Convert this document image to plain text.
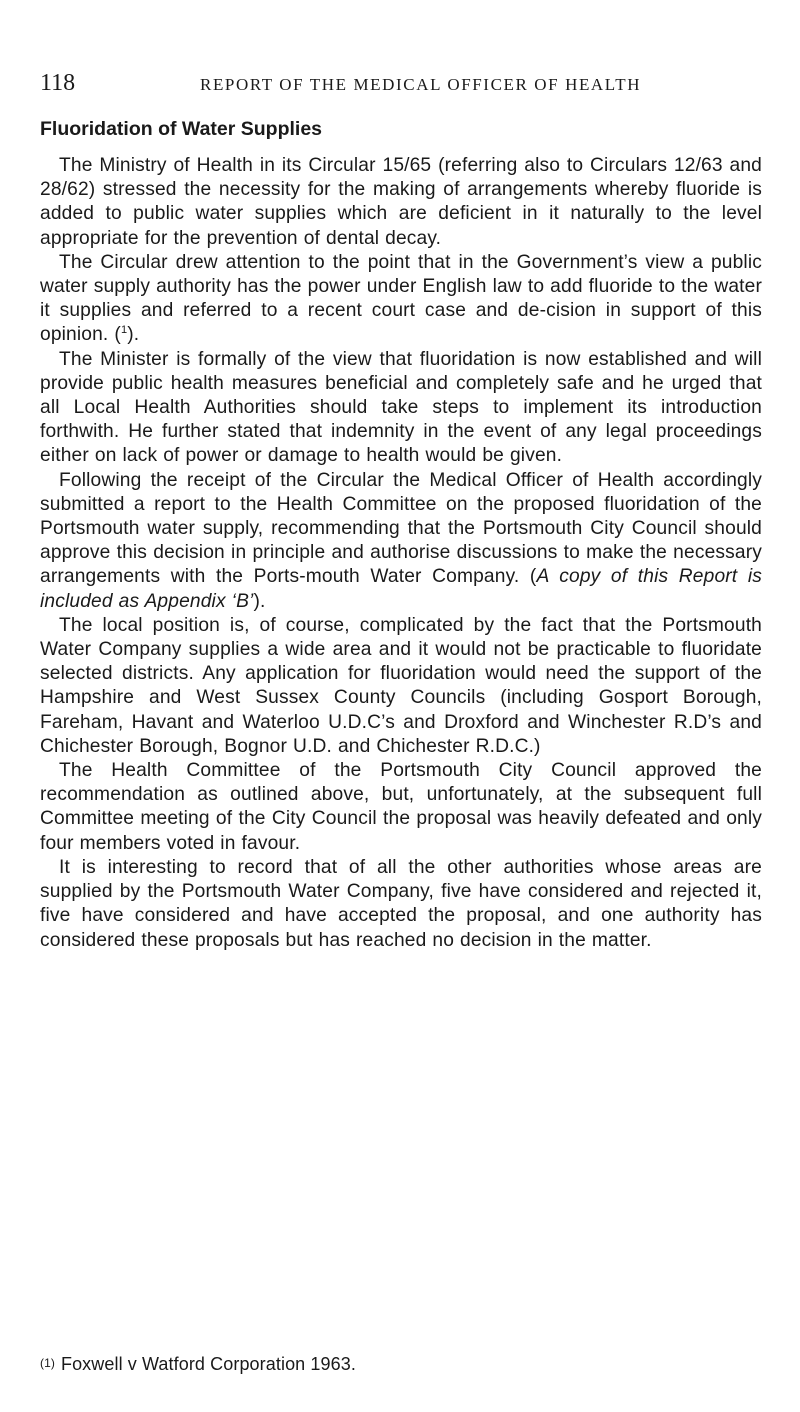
118	REPORT OF THE MEDICAL OFFICER OF HEALTH
Fluoridation of Water Supplies

The Ministry of Health in its Circular 15/65 (referring also to Circulars 12/63 and 28/62) stressed the necessity for the making of arrangements whereby fluoride is added to public water supplies which are deficient in it naturally to the level appropriate for the prevention of dental decay.

The Circular drew attention to the point that in the Government’s view a public water supply authority has the power under English law to add fluoride to the water it supplies and referred to a recent court case and de-cision in support of this opinion. ($^1$).

The Minister is formally of the view that fluoridation is now established and will provide public health measures beneficial and completely safe and he urged that all Local Health Authorities should take steps to implement its introduction forthwith. He further stated that indemnity in the event of any legal proceedings either on lack of power or damage to health would be given.

Following the receipt of the Circular the Medical Officer of Health accordingly submitted a report to the Health Committee on the proposed fluoridation of the Portsmouth water supply, recommending that the Portsmouth City Council should approve this decision in principle and authorise discussions to make the necessary arrangements with the Ports-mouth Water Company. (A copy of this Report is included as Appendix ‘B’).

The local position is, of course, complicated by the fact that the Portsmouth Water Company supplies a wide area and it would not be practicable to fluoridate selected districts. Any application for fluoridation would need the support of the Hampshire and West Sussex County Councils (including Gosport Borough, Fareham, Havant and Waterloo U.D.C’s and Droxford and Winchester R.D’s and Chichester Borough, Bognor U.D. and Chichester R.D.C.)

The Health Committee of the Portsmouth City Council approved the recommendation as outlined above, but, unfortunately, at the subsequent full Committee meeting of the City Council the proposal was heavily defeated and only four members voted in favour.

It is interesting to record that of all the other authorities whose areas are supplied by the Portsmouth Water Company, five have considered and rejected it, five have considered and have accepted the proposal, and one authority has considered these proposals but has reached no decision in the matter.

(1) Foxwell v Watford Corporation 1963.
